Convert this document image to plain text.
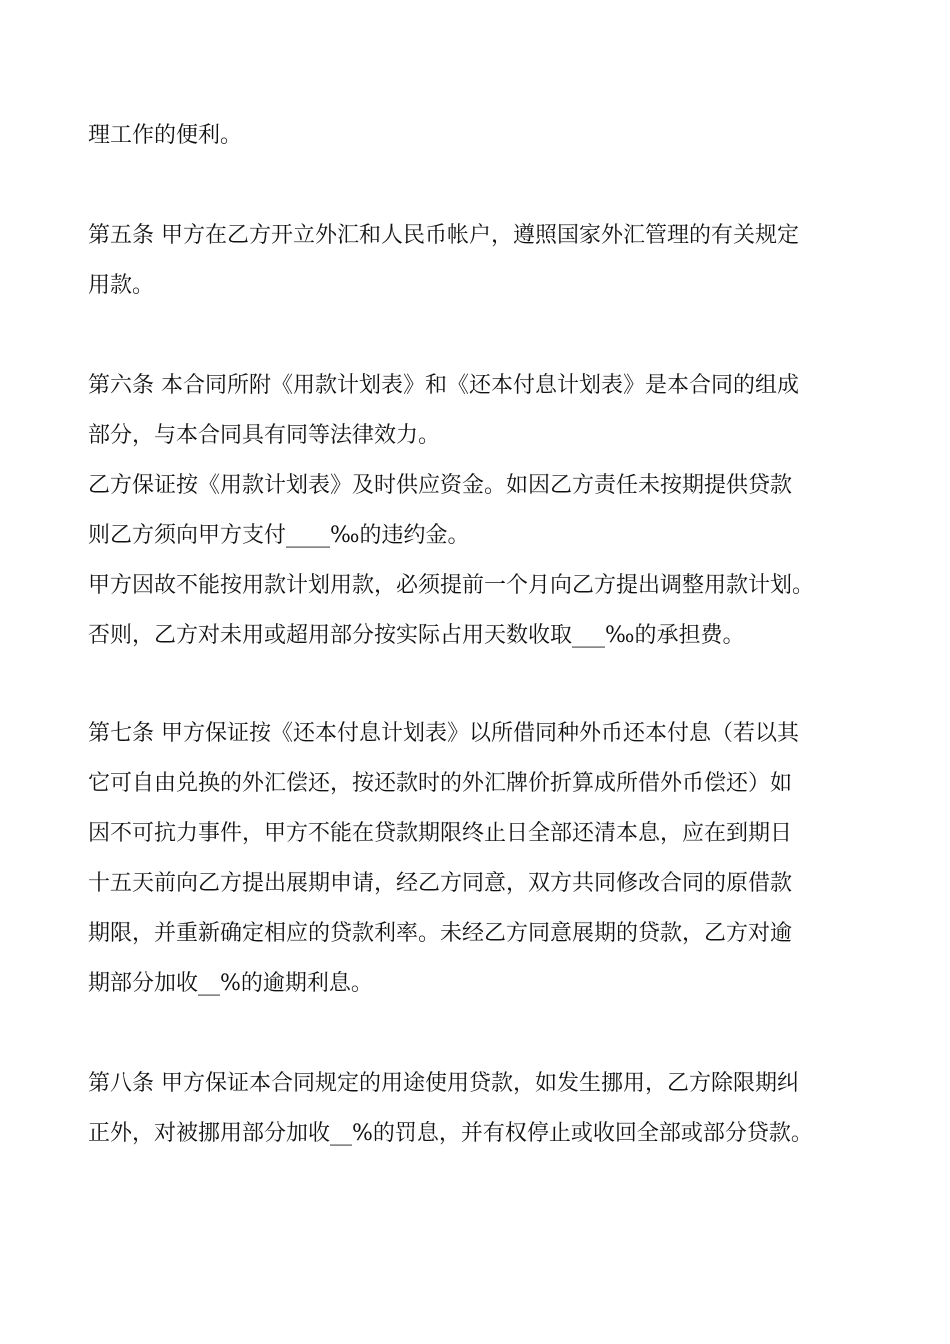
理工作的便利。
第五条 甲方在乙方开立外汇和人民币帐户，遵照国家外汇管理的有关规定
用款。
第六条 本合同所附《用款计划表》和《还本付息计划表》是本合同的组成
部分，与本合同具有同等法律效力。
乙方保证按《用款计划表》及时供应资金。如因乙方责任未按期提供贷款
则乙方须向甲方支付____‰的违约金。
甲方因故不能按用款计划用款，必须提前一个月向乙方提出调整用款计划。
否则，乙方对未用或超用部分按实际占用天数收取___‰的承担费。
第七条 甲方保证按《还本付息计划表》以所借同种外币还本付息（若以其
它可自由兑换的外汇偿还，按还款时的外汇牌价折算成所借外币偿还）如
因不可抗力事件，甲方不能在贷款期限终止日全部还清本息，应在到期日
十五天前向乙方提出展期申请，经乙方同意，双方共同修改合同的原借款
期限，并重新确定相应的贷款利率。未经乙方同意展期的贷款，乙方对逾
期部分加收__%的逾期利息。
第八条 甲方保证本合同规定的用途使用贷款，如发生挪用，乙方除限期纠
正外，对被挪用部分加收__%的罚息，并有权停止或收回全部或部分贷款。
